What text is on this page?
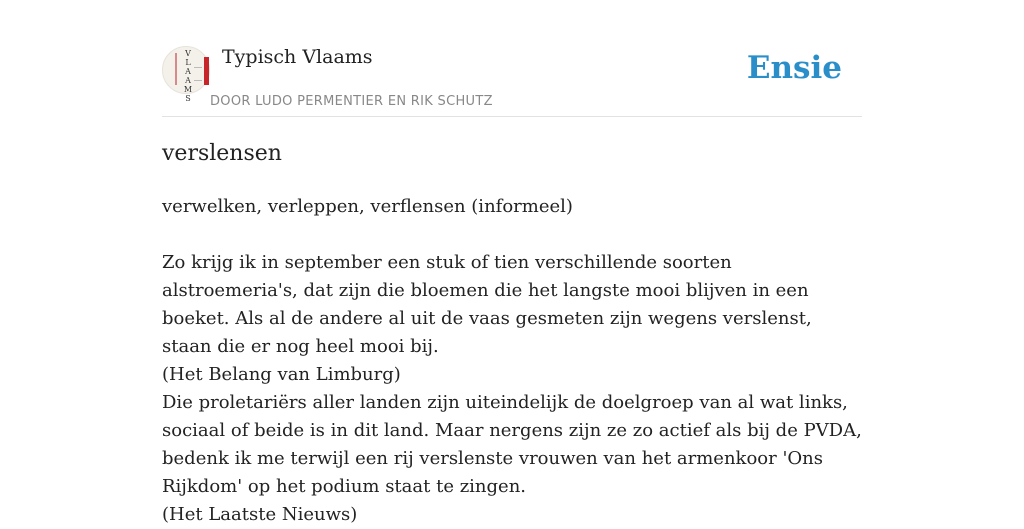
V
L
A
A
M
S
Typisch Vlaams
DOOR LUDO PERMENTIER EN RIK SCHUTZ
Ensie
verslensen

verwelken, verleppen, verflensen (informeel)

Zo krijg ik in september een stuk of tien verschillende soorten alstroemeria's, dat zijn die bloemen die het langste mooi blijven in een boeket. Als al de andere al uit de vaas gesmeten zijn wegens verslenst, staan die er nog heel mooi bij.
(Het Belang van Limburg)
Die proletariërs aller landen zijn uiteindelijk de doelgroep van al wat links, sociaal of beide is in dit land. Maar nergens zijn ze zo actief als bij de PVDA, bedenk ik me terwijl een rij verslenste vrouwen van het armenkoor 'Ons Rijkdom' op het podium staat te zingen.
(Het Laatste Nieuws)
